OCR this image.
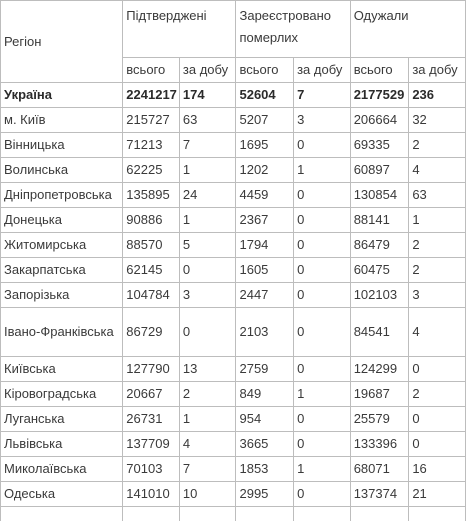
Регіон	Підтверджені		Зареєстровано померлих		Одужали	
	всього	за добу	всього	за добу	всього	за добу
Україна	2241217	174	52604	7	2177529	236
м. Київ	215727	63	5207	3	206664	32
Вінницька	71213	7	1695	0	69335	2
Волинська	62225	1	1202	1	60897	4
Дніпропетровська	135895	24	4459	0	130854	63
Донецька	90886	1	2367	0	88141	1
Житомирська	88570	5	1794	0	86479	2
Закарпатська	62145	0	1605	0	60475	2
Запорізька	104784	3	2447	0	102103	3
Івано-Франківська	86729	0	2103	0	84541	4
Київська	127790	13	2759	0	124299	0
Кіровоградська	20667	2	849	1	19687	2
Луганська	26731	1	954	0	25579	0
Львівська	137709	4	3665	0	133396	0
Миколаївська	70103	7	1853	1	68071	16
Одеська	141010	10	2995	0	137374	21
